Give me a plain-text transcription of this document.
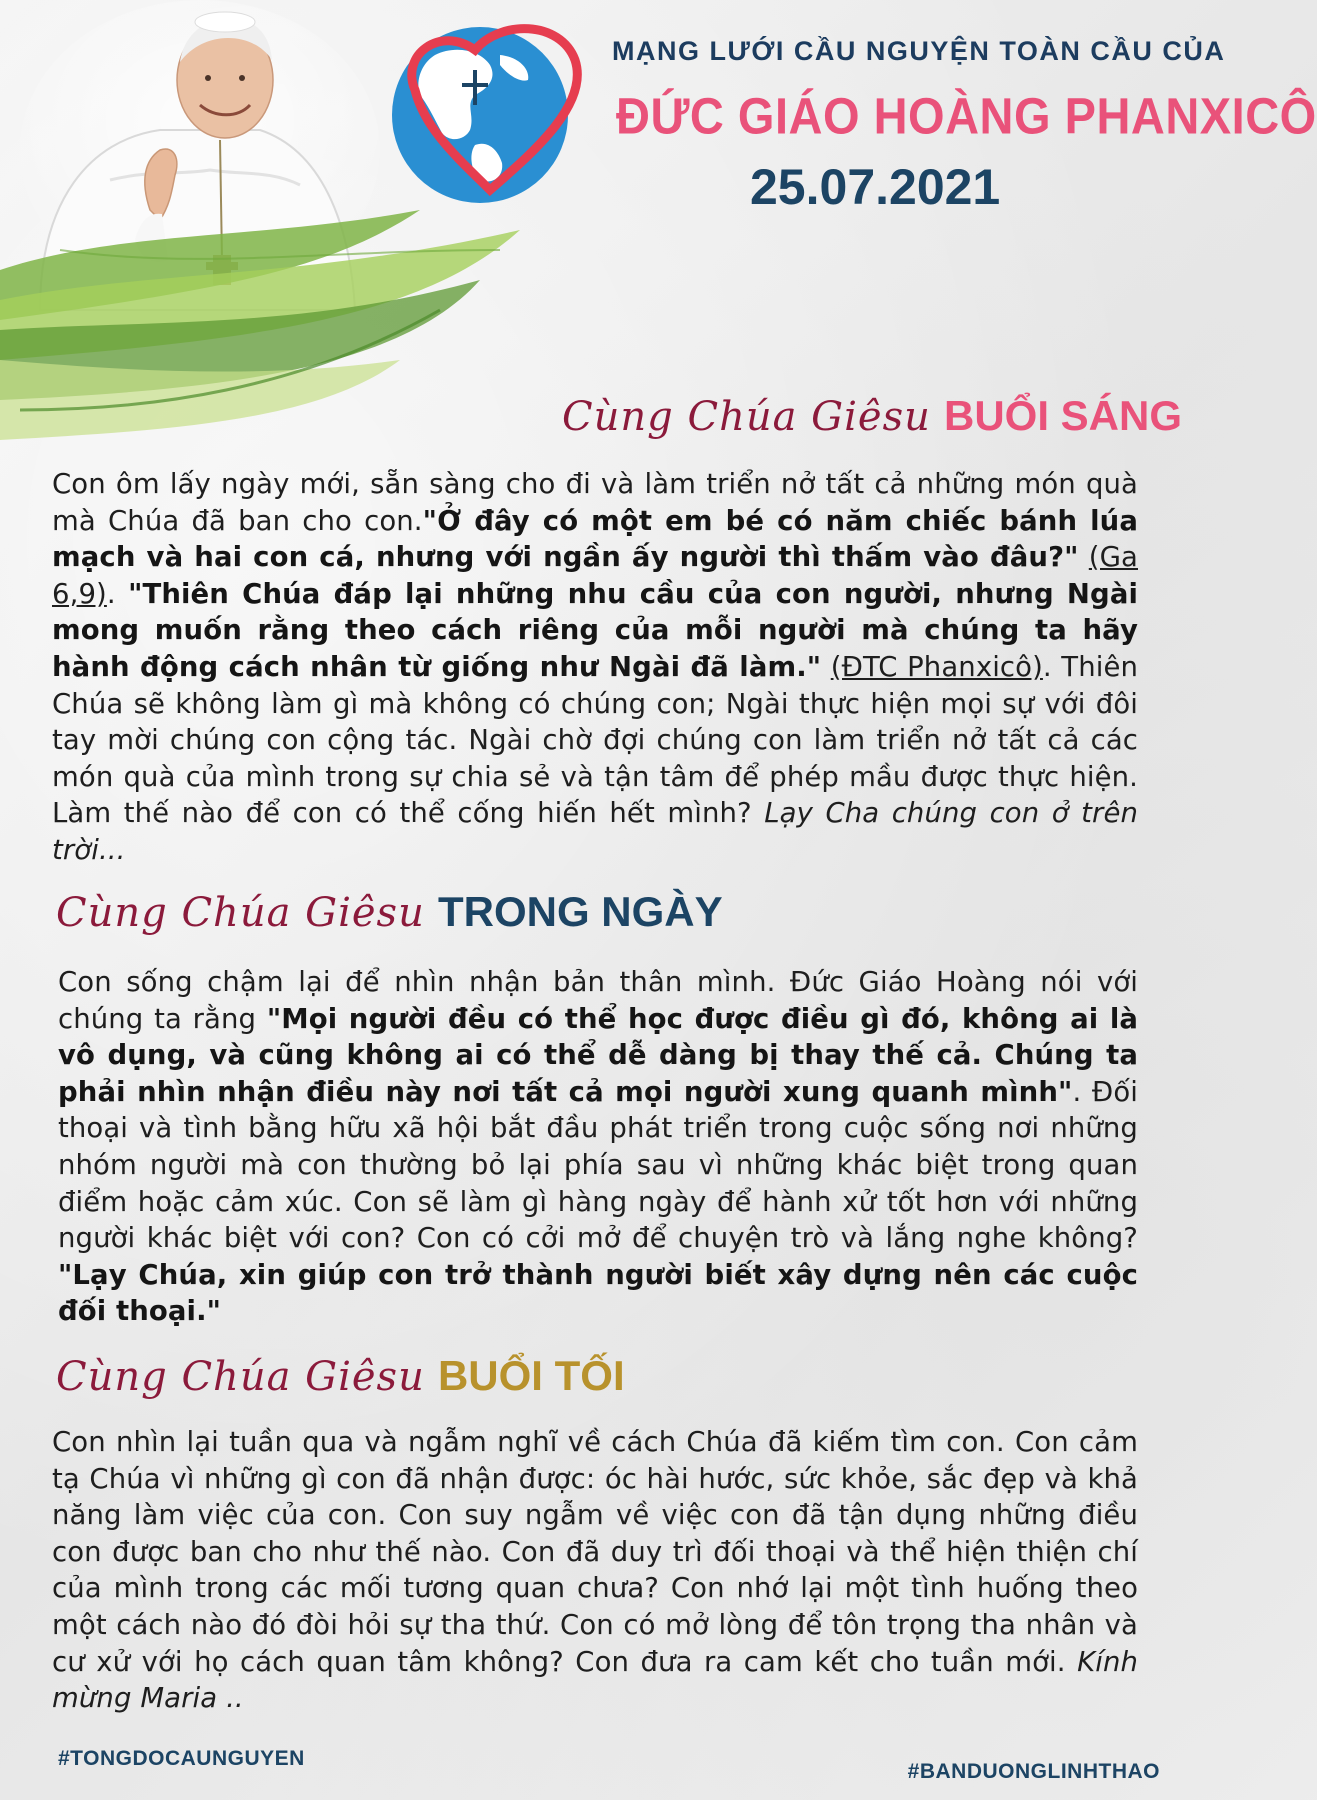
MẠNG LƯỚI CẦU NGUYỆN TOÀN CẦU CỦA
ĐỨC GIÁO HOÀNG PHANXICÔ
25.07.2021
Cùng Chúa Giêsu BUỔI SÁNG
Con ôm lấy ngày mới, sẵn sàng cho đi và làm triển nở tất cả những món quà mà Chúa đã ban cho con."Ở đây có một em bé có năm chiếc bánh lúa mạch và hai con cá, nhưng với ngần ấy người thì thấm vào đâu?" (Ga 6,9). "Thiên Chúa đáp lại những nhu cầu của con người, nhưng Ngài mong muốn rằng theo cách riêng của mỗi người mà chúng ta hãy hành động cách nhân từ giống như Ngài đã làm." (ĐTC Phanxicô). Thiên Chúa sẽ không làm gì mà không có chúng con; Ngài thực hiện mọi sự với đôi tay mời chúng con cộng tác. Ngài chờ đợi chúng con làm triển nở tất cả các món quà của mình trong sự chia sẻ và tận tâm để phép mầu được thực hiện. Làm thế nào để con có thể cống hiến hết mình? Lạy Cha chúng con ở trên trời...
Cùng Chúa Giêsu TRONG NGÀY
Con sống chậm lại để nhìn nhận bản thân mình. Đức Giáo Hoàng nói với chúng ta rằng "Mọi người đều có thể học được điều gì đó, không ai là vô dụng, và cũng không ai có thể dễ dàng bị thay thế cả. Chúng ta phải nhìn nhận điều này nơi tất cả mọi người xung quanh mình". Đối thoại và tình bằng hữu xã hội bắt đầu phát triển trong cuộc sống nơi những nhóm người mà con thường bỏ lại phía sau vì những khác biệt trong quan điểm hoặc cảm xúc. Con sẽ làm gì hàng ngày để hành xử tốt hơn với những người khác biệt với con? Con có cởi mở để chuyện trò và lắng nghe không? "Lạy Chúa, xin giúp con trở thành người biết xây dựng nên các cuộc đối thoại."
Cùng Chúa Giêsu BUỔI TỐI
Con nhìn lại tuần qua và ngẫm nghĩ về cách Chúa đã kiếm tìm con. Con cảm tạ Chúa vì những gì con đã nhận được: óc hài hước, sức khỏe, sắc đẹp và khả năng làm việc của con. Con suy ngẫm về việc con đã tận dụng những điều con được ban cho như thế nào. Con đã duy trì đối thoại và thể hiện thiện chí của mình trong các mối tương quan chưa? Con nhớ lại một tình huống theo một cách nào đó đòi hỏi sự tha thứ. Con có mở lòng để tôn trọng tha nhân và cư xử với họ cách quan tâm không? Con đưa ra cam kết cho tuần mới. Kính mừng Maria ..
#TONGDOCAUNGUYEN
#BANDUONGLINHTHAO
